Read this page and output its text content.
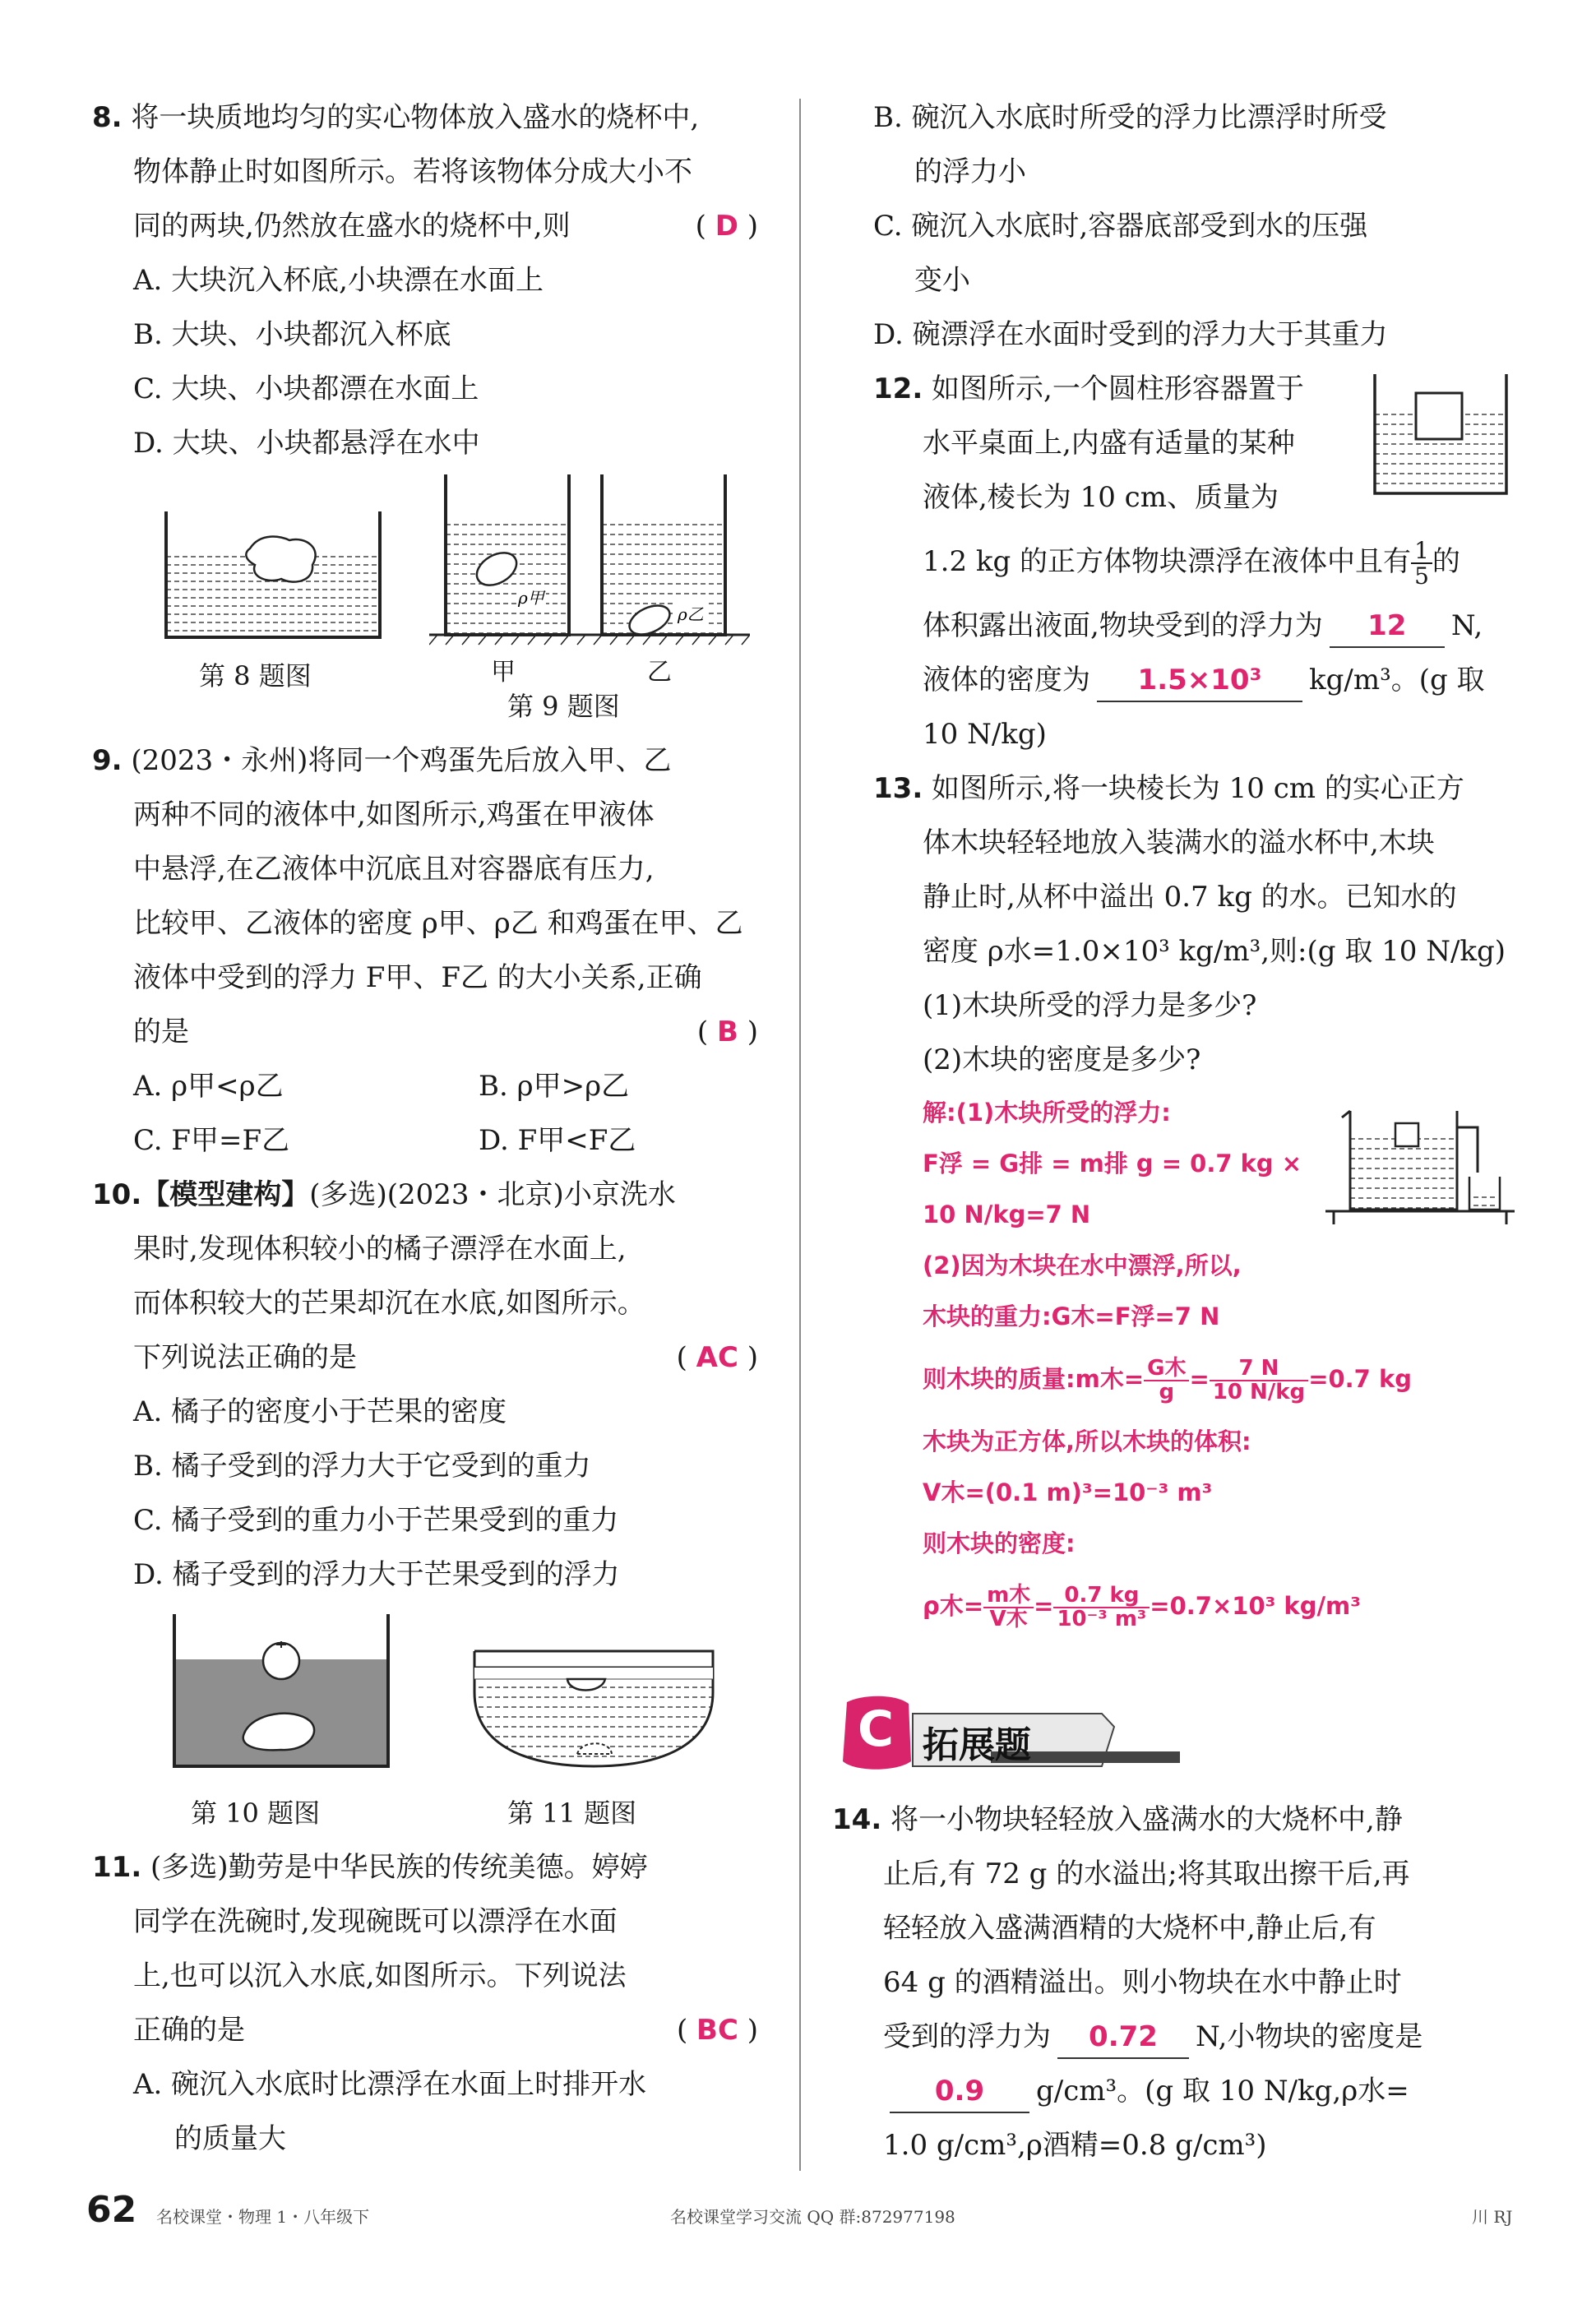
8. 将一块质地均匀的实心物体放入盛水的烧杯中,
物体静止时如图所示。若将该物体分成大小不
同的两块,仍然放在盛水的烧杯中,则	( D )
A. 大块沉入杯底,小块漂在水面上
B. 大块、小块都沉入杯底
C. 大块、小块都漂在水面上
D. 大块、小块都悬浮在水中
第 8 题图
ρ甲
ρ乙
甲	乙
第 9 题图
9. (2023・永州)将同一个鸡蛋先后放入甲、乙
两种不同的液体中,如图所示,鸡蛋在甲液体
中悬浮,在乙液体中沉底且对容器底有压力,
比较甲、乙液体的密度 ρ甲、ρ乙 和鸡蛋在甲、乙
液体中受到的浮力 F甲、F乙 的大小关系,正确
的是	( B )
A. ρ甲<ρ乙	B. ρ甲>ρ乙
C. F甲=F乙	D. F甲<F乙
10.【模型建构】(多选)(2023・北京)小京洗水
果时,发现体积较小的橘子漂浮在水面上,
而体积较大的芒果却沉在水底,如图所示。
下列说法正确的是	( AC )
A. 橘子的密度小于芒果的密度
B. 橘子受到的浮力大于它受到的重力
C. 橘子受到的重力小于芒果受到的重力
D. 橘子受到的浮力大于芒果受到的浮力
第 10 题图	第 11 题图
11. (多选)勤劳是中华民族的传统美德。婷婷
同学在洗碗时,发现碗既可以漂浮在水面
上,也可以沉入水底,如图所示。下列说法
正确的是	( BC )
A. 碗沉入水底时比漂浮在水面上时排开水
的质量大
B. 碗沉入水底时所受的浮力比漂浮时所受
的浮力小
C. 碗沉入水底时,容器底部受到水的压强
变小
D. 碗漂浮在水面时受到的浮力大于其重力
12. 如图所示,一个圆柱形容器置于
水平桌面上,内盛有适量的某种
液体,棱长为 10 cm、质量为
1.2 kg 的正方体物块漂浮在液体中且有 $\frac{1}{5}$ 的
体积露出液面,物块受到的浮力为 12 N,
液体的密度为 1.5×10³ kg/m³。(g 取
10 N/kg)
13. 如图所示,将一块棱长为 10 cm 的实心正方
体木块轻轻地放入装满水的溢水杯中,木块
静止时,从杯中溢出 0.7 kg 的水。已知水的
密度 ρ水=1.0×10³ kg/m³,则:(g 取 10 N/kg)
(1)木块所受的浮力是多少?
(2)木块的密度是多少?
解:(1)木块所受的浮力:
F浮 = G排 = m排 g = 0.7 kg ×
10 N/kg=7 N
(2)因为木块在水中漂浮,所以,
木块的重力:G木=F浮=7 N
则木块的质量:m木= $\frac{\text{G木}}{g} = \frac{7 N}{10 N/kg} =0.7$ kg
木块为正方体,所以木块的体积:
V木=(0.1 m)³=10⁻³ m³
则木块的密度:
ρ木= $\frac{\text{m木}}{\text{V木}} = \frac{0.7 kg}{\text{10⁻³ m³}} =0.7\times 10^3$ kg/m³
C 拓展题
14. 将一小物块轻轻放入盛满水的大烧杯中,静
止后,有 72 g 的水溢出;将其取出擦干后,再
轻轻放入盛满酒精的大烧杯中,静止后,有
64 g 的酒精溢出。则小物块在水中静止时
受到的浮力为 0.72 N,小物块的密度是
0.9 g/cm³。(g 取 10 N/kg,ρ水=
1.0 g/cm³,ρ酒精=0.8 g/cm³)
62 名校课堂・物理 1・八年级下	名校课堂学习交流 QQ 群:872977198	川 RJ
